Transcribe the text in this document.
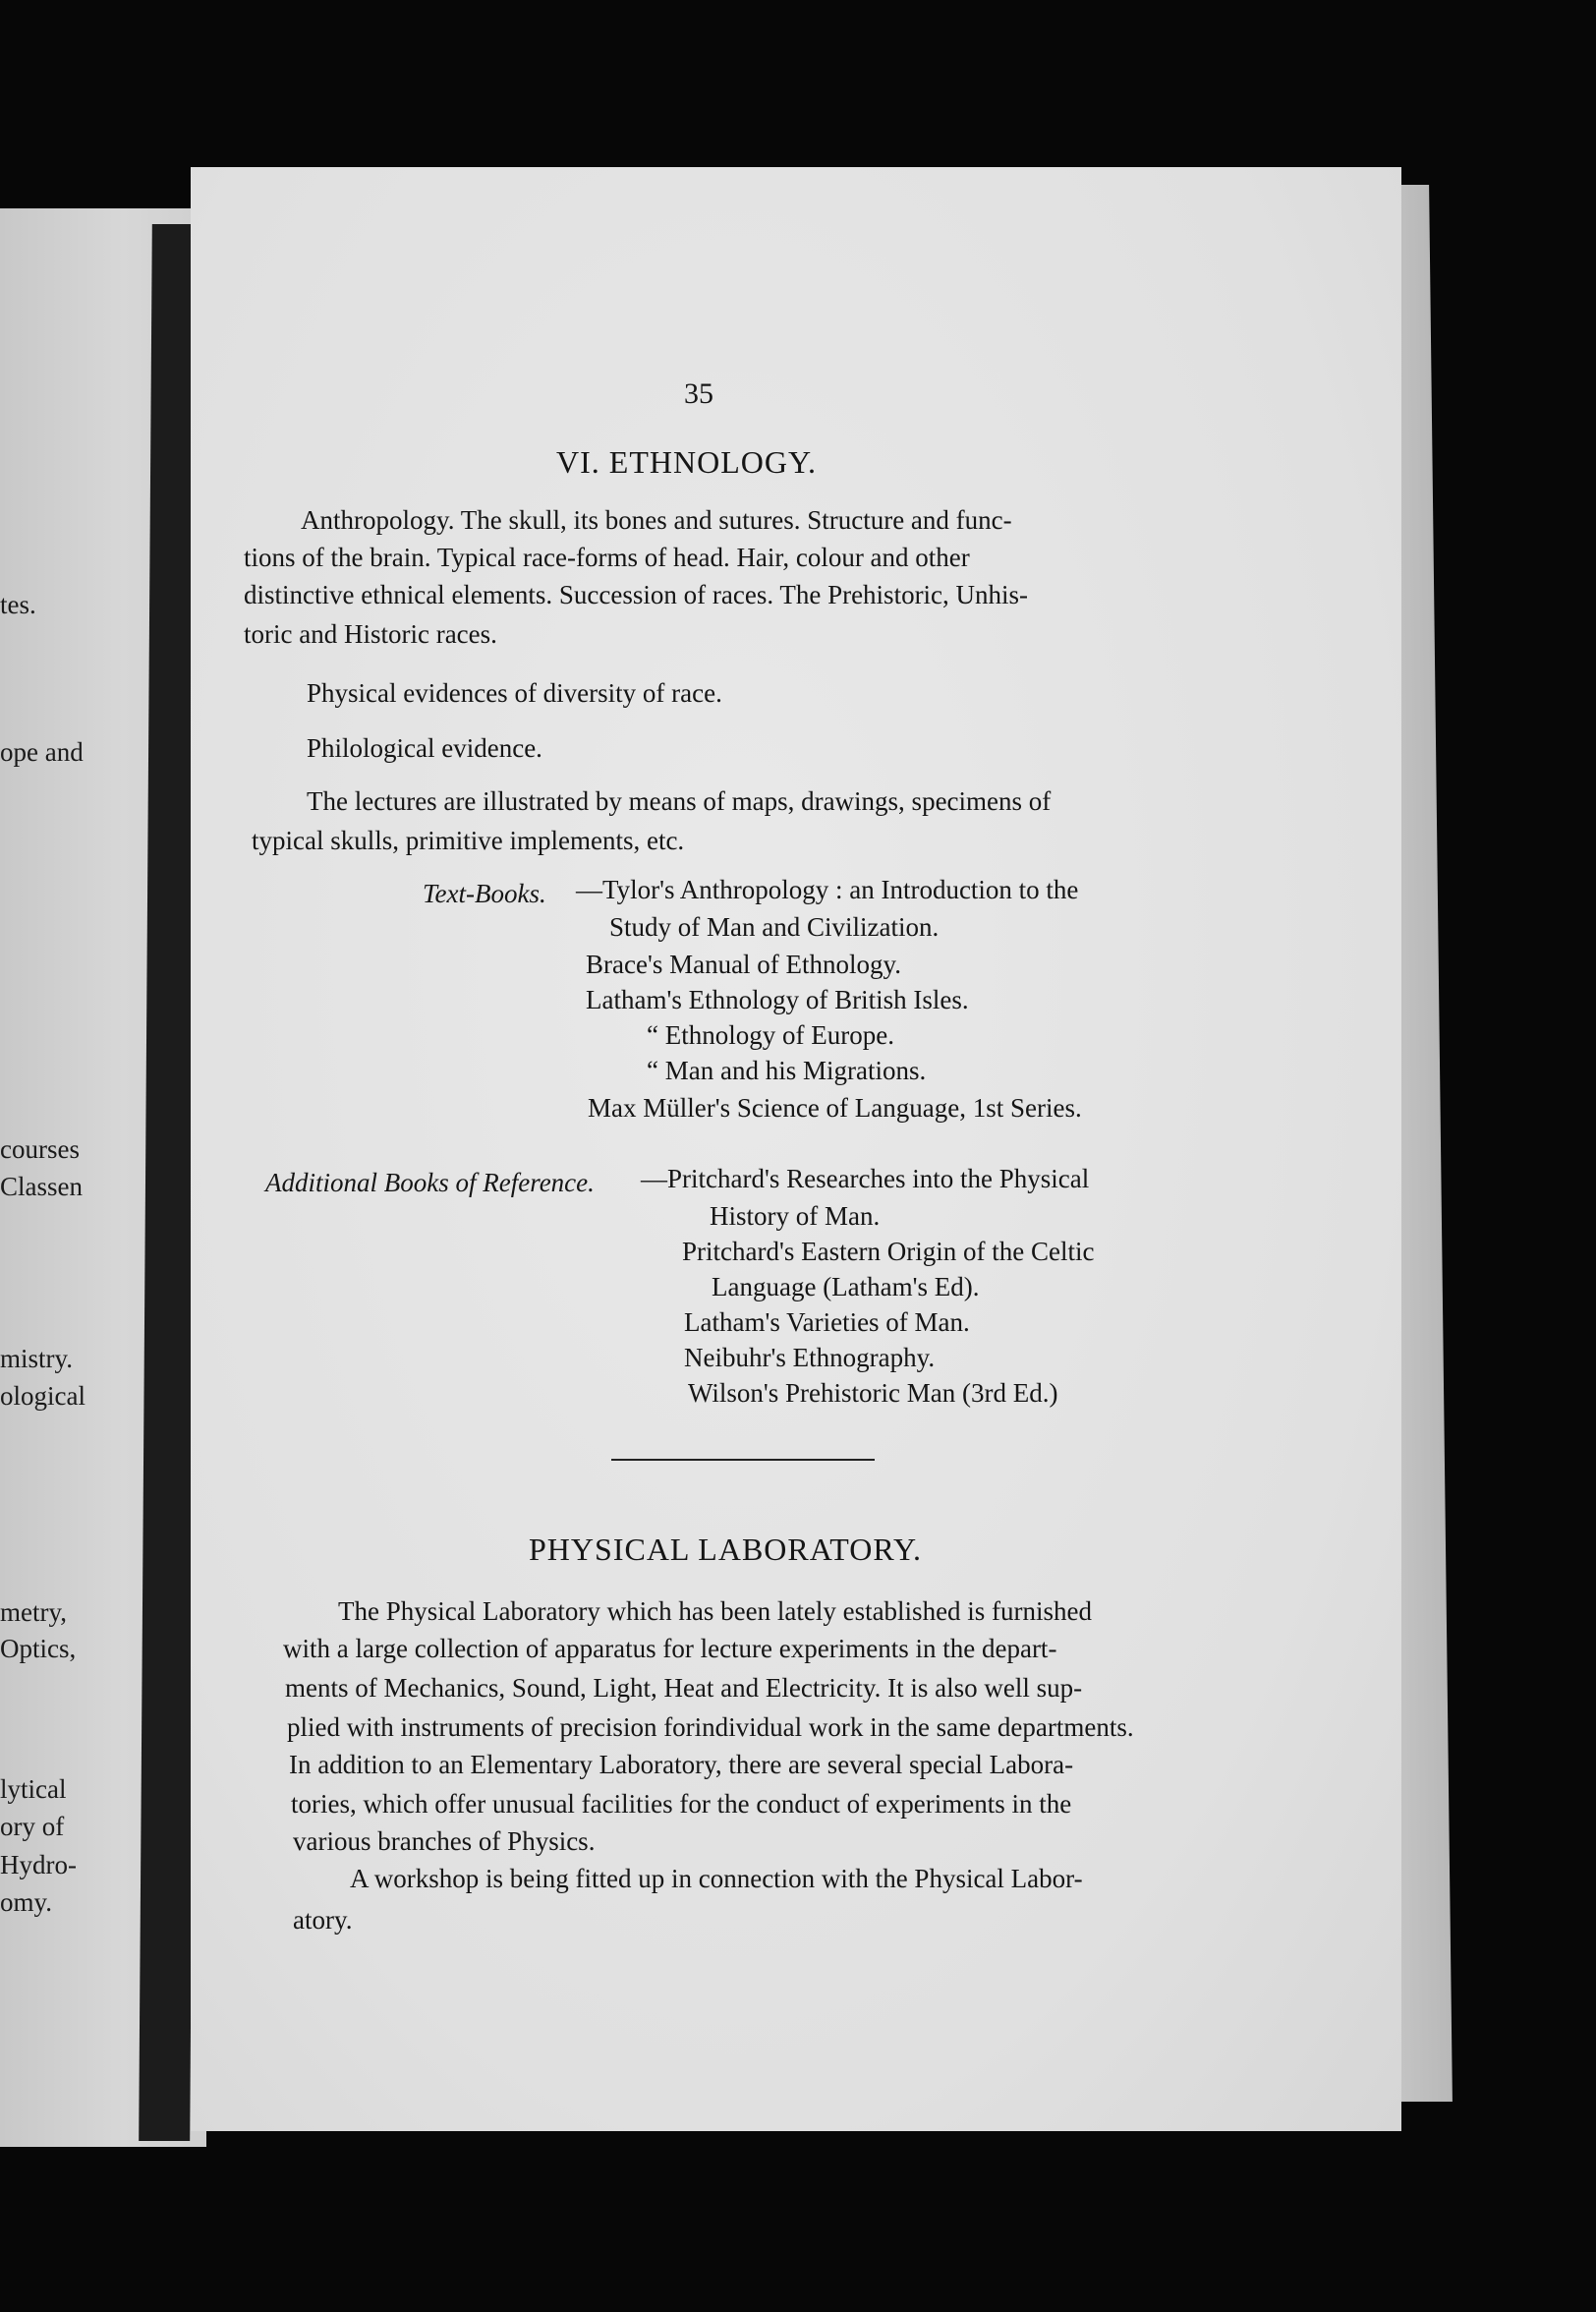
tes.
ope and
courses
Classen
mistry.
ological
metry,
Optics,
lytical
ory of
Hydro-
omy.
35
VI. ETHNOLOGY.
Anthropology. The skull, its bones and sutures. Structure and func-
tions of the brain. Typical race-forms of head. Hair, colour and other
distinctive ethnical elements. Succession of races. The Prehistoric, Unhis-
toric and Historic races.
Physical evidences of diversity of race.
Philological evidence.
The lectures are illustrated by means of maps, drawings, specimens of
typical skulls, primitive implements, etc.
Text-Books. —Tylor's Anthropology : an Introduction to the
Study of Man and Civilization.
Brace's Manual of Ethnology.
Latham's Ethnology of British Isles.
“ Ethnology of Europe.
“ Man and his Migrations.
Max Müller's Science of Language, 1st Series.
Additional Books of Reference. —Pritchard's Researches into the Physical
History of Man.
Pritchard's Eastern Origin of the Celtic
Language (Latham's Ed).
Latham's Varieties of Man.
Neibuhr's Ethnography.
Wilson's Prehistoric Man (3rd Ed.)
PHYSICAL LABORATORY.
The Physical Laboratory which has been lately established is furnished
with a large collection of apparatus for lecture experiments in the depart-
ments of Mechanics, Sound, Light, Heat and Electricity. It is also well sup-
plied with instruments of precision forindividual work in the same departments.
In addition to an Elementary Laboratory, there are several special Labora-
tories, which offer unusual facilities for the conduct of experiments in the
various branches of Physics.
A workshop is being fitted up in connection with the Physical Labor-
atory.
